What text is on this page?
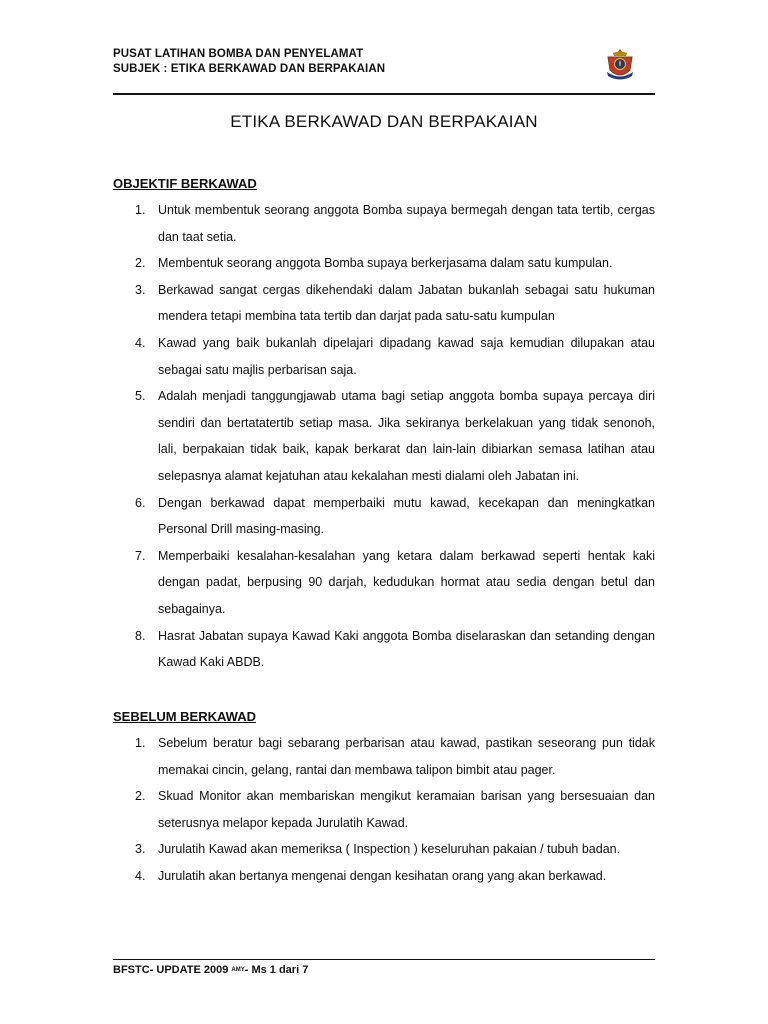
PUSAT LATIHAN BOMBA DAN PENYELAMAT
SUBJEK : ETIKA BERKAWAD DAN BERPAKAIAN
ETIKA BERKAWAD DAN BERPAKAIAN
OBJEKTIF BERKAWAD
1. Untuk membentuk seorang anggota Bomba supaya bermegah dengan tata tertib, cergas dan taat setia.
2. Membentuk seorang anggota Bomba supaya berkerjasama dalam satu kumpulan.
3. Berkawad sangat cergas dikehendaki dalam Jabatan bukanlah sebagai satu hukuman mendera tetapi membina tata tertib dan darjat pada satu-satu kumpulan
4. Kawad yang baik bukanlah dipelajari dipadang kawad saja kemudian dilupakan atau sebagai satu majlis perbarisan saja.
5. Adalah menjadi tanggungjawab utama bagi setiap anggota bomba supaya percaya diri sendiri dan bertatatertib setiap masa. Jika sekiranya berkelakuan yang tidak senonoh, lali, berpakaian tidak baik, kapak berkarat dan lain-lain dibiarkan semasa latihan atau selepasnya alamat kejatuhan atau kekalahan mesti dialami oleh Jabatan ini.
6. Dengan berkawad dapat memperbaiki mutu kawad, kecekapan dan meningkatkan Personal Drill masing-masing.
7. Memperbaiki kesalahan-kesalahan yang ketara dalam berkawad seperti hentak kaki dengan padat, berpusing 90 darjah, kedudukan hormat atau sedia dengan betul dan sebagainya.
8. Hasrat Jabatan supaya Kawad Kaki anggota Bomba diselaraskan dan setanding dengan Kawad Kaki ABDB.
SEBELUM BERKAWAD
1. Sebelum beratur bagi sebarang perbarisan atau kawad, pastikan seseorang pun tidak memakai cincin, gelang, rantai dan membawa talipon bimbit atau pager.
2. Skuad Monitor akan membariskan mengikut keramaian barisan yang bersesuaian dan seterusnya melapor kepada Jurulatih Kawad.
3. Jurulatih Kawad akan memeriksa ( Inspection ) keseluruhan pakaian / tubuh badan.
4. Jurulatih akan bertanya mengenai dengan kesihatan orang yang akan berkawad.
BFSTC- UPDATE 2009 AMY- Ms 1 dari 7
